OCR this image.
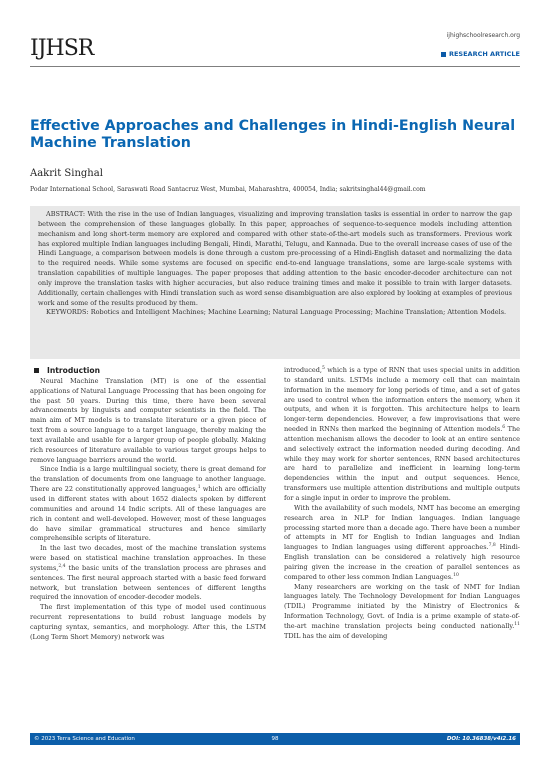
IJHSR
ijhighschoolresearch.org
RESEARCH ARTICLE
Effective Approaches and Challenges in Hindi-English Neural Machine Translation
Aakrit Singhal
Podar International School, Saraswati Road Santacruz West, Mumbai, Maharashtra, 400054, India; sakritsinghal44@gmail.com

ABSTRACT: With the rise in the use of Indian languages, visualizing and improving translation tasks is essential in order to narrow the gap between the comprehension of these languages globally. In this paper, approaches of sequence-to-sequence models including attention mechanism and long short-term memory are explored and compared with other state-of-the-art models such as transformers. Previous work has explored multiple Indian languages including Bengali, Hindi, Marathi, Telugu, and Kannada. Due to the overall increase cases of use of the Hindi Language, a comparison between models is done through a custom pre-processing of a Hindi-English dataset and normalizing the data to the required needs. While some systems are focused on specific end-to-end language translations, some are large-scale systems with translation capabilities of multiple languages. The paper proposes that adding attention to the basic encoder-decoder architecture can not only improve the translation tasks with higher accuracies, but also reduce training times and make it possible to train with larger datasets. Additionally, certain challenges with Hindi translation such as word sense disambiguation are also explored by looking at examples of previous work and some of the results produced by them.

KEYWORDS: Robotics and Intelligent Machines; Machine Learning; Natural Language Processing; Machine Translation; Attention Models.

Introduction

Neural Machine Translation (MT) is one of the essential applications of Natural Language Processing that has been ongoing for the past 50 years. During this time, there have been several advancements by linguists and computer scientists in the field. The main aim of MT models is to translate literature or a given piece of text from a source language to a target language, thereby making the text available and usable for a larger group of people globally. Making rich resources of literature available to various target groups helps to remove language barriers around the world.

Since India is a large multilingual society, there is great demand for the translation of documents from one language to another language. There are 22 constitutionally approved languages,$^1$ which are officially used in different states with about 1652 dialects spoken by different communities and around 14 Indic scripts. All of these languages are rich in content and well-developed. However, most of these languages do have similar grammatical structures and hence similarly comprehensible scripts of literature.

In the last two decades, most of the machine translation systems were based on statistical machine translation approaches. In these systems,$^{2,4}$ the basic units of the translation process are phrases and sentences. The first neural approach started with a basic feed forward network, but translation between sentences of different lengths required the innovation of encoder-decoder models.

The first implementation of this type of model used continuous recurrent representations to build robust language models by capturing syntax, semantics, and morphology. After this, the LSTM (Long Term Short Memory) network was

introduced,$^5$ which is a type of RNN that uses special units in addition to standard units. LSTMs include a memory cell that can maintain information in the memory for long periods of time, and a set of gates are used to control when the information enters the memory, when it outputs, and when it is forgotten. This architecture helps to learn longer-term dependencies. However, a few improvisations that were needed in RNNs then marked the beginning of Attention models.$^6$ The attention mechanism allows the decoder to look at an entire sentence and selectively extract the information needed during decoding. And while they may work for shorter sentences, RNN based architectures are hard to parallelize and inefficient in learning long-term dependencies within the input and output sequences. Hence, transformers use multiple attention distributions and multiple outputs for a single input in order to improve the problem.

With the availability of such models, NMT has become an emerging research area in NLP for Indian languages. Indian language processing started more than a decade ago. There have been a number of attempts in MT for English to Indian languages and Indian languages to Indian languages using different approaches.$^{7,8}$ Hindi-English translation can be considered a relatively high resource pairing given the increase in the creation of parallel sentences as compared to other less common Indian Languages.$^{10}$

Many researchers are working on the task of NMT for Indian languages lately. The Technology Development for Indian Languages (TDIL) Programme initiated by the Ministry of Electronics & Information Technology, Govt. of India is a prime example of state-of-the-art machine translation projects being conducted nationally.$^{11}$ TDIL has the aim of developing

© 2023 Terra Science and Education	98	DOI: 10.36838/v4i2.16
